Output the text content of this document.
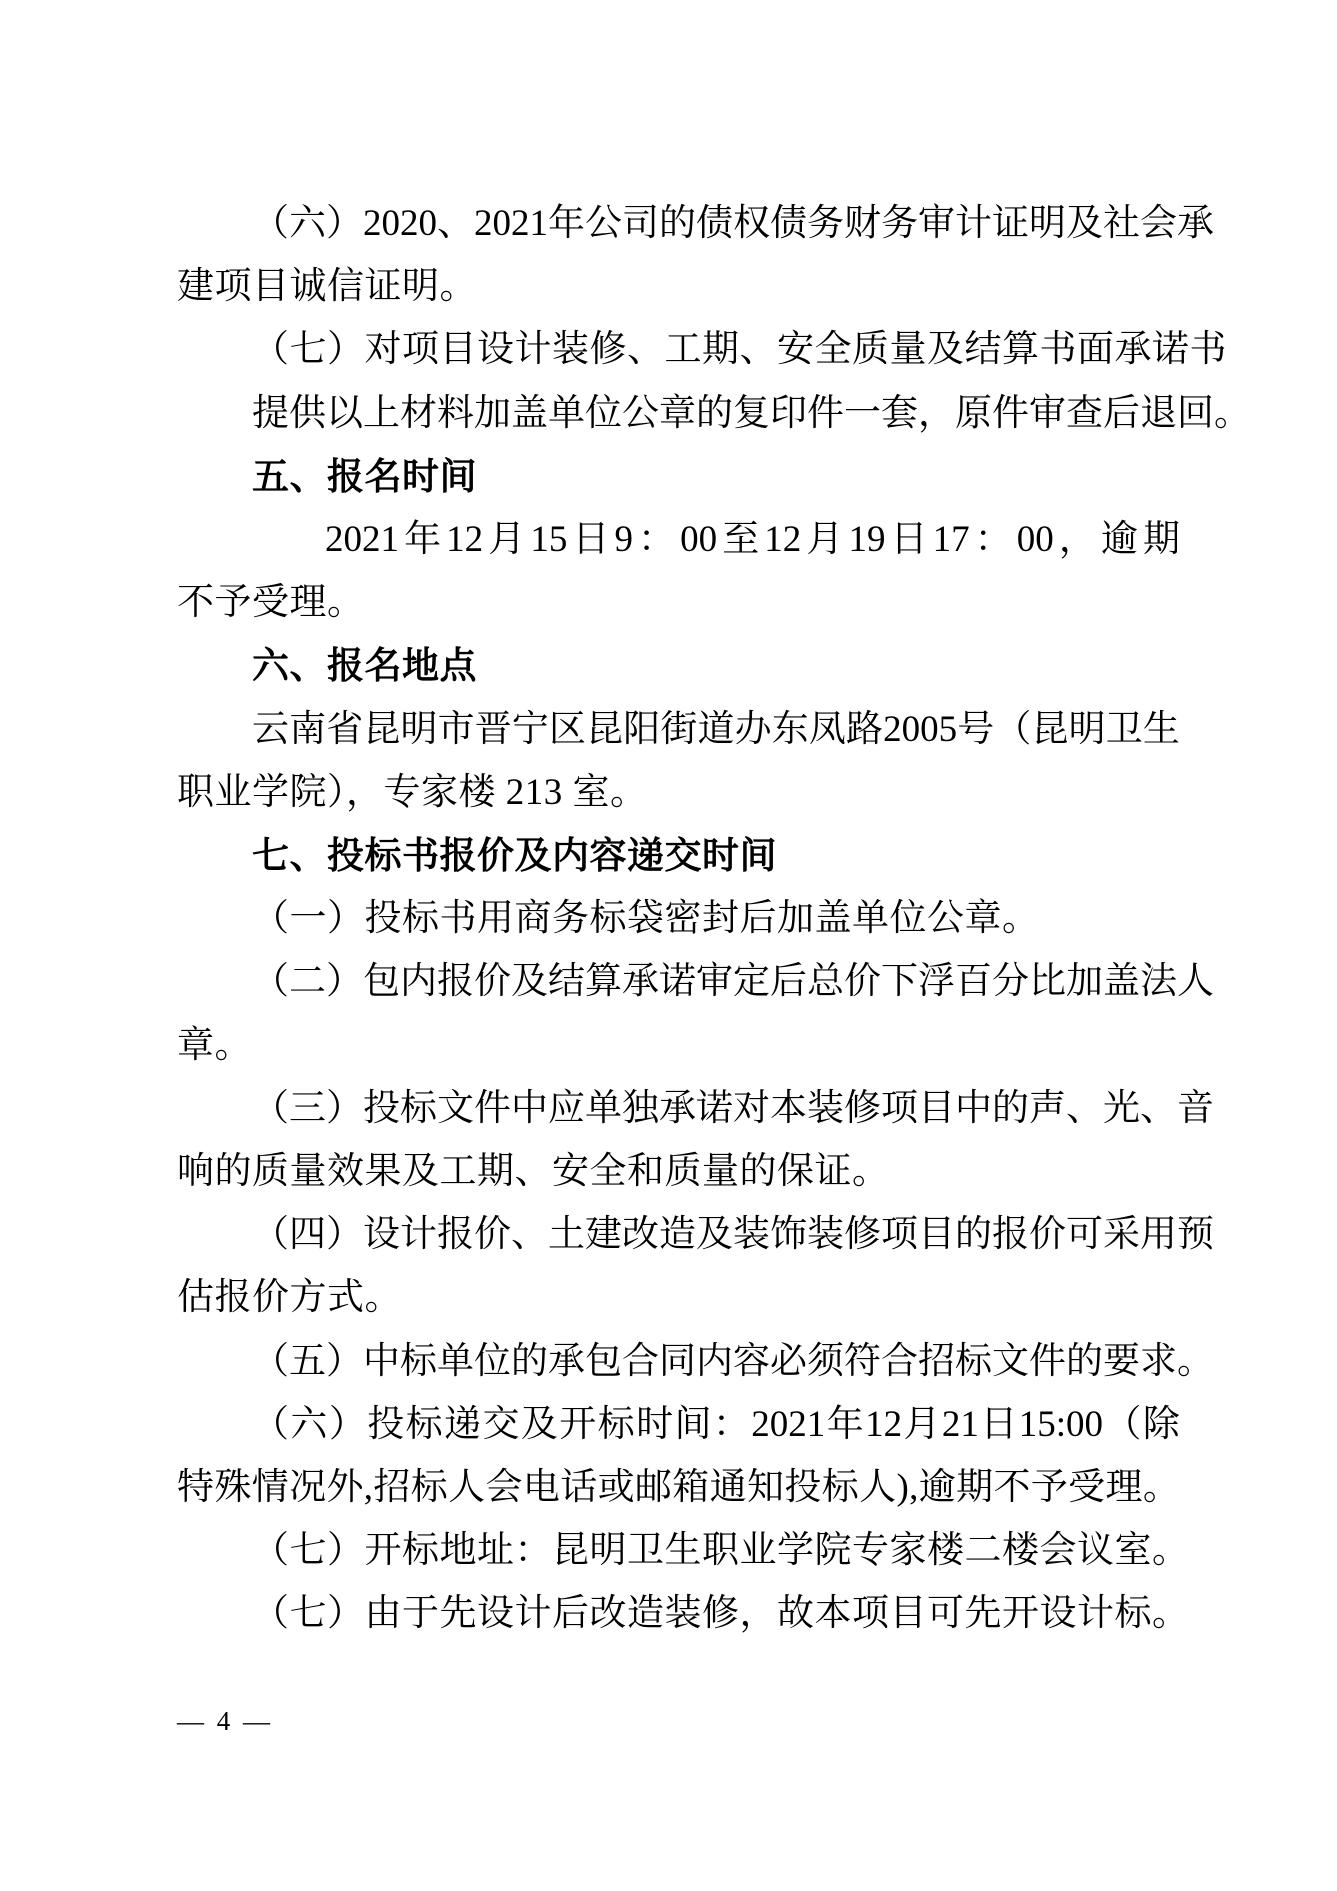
（ 六 ） 2020 、 2021 年 公 司 的 债 权 债 务 财 务 审 计 证 明 及 社 会 承
建项目诚信证明。
（七）对项目设计装修、工期、安全质量及结算书面承诺书
提 供 以 上 材 料 加 盖 单 位 公 章 的 复 印 件 一 套 ， 原 件 审 查 后 退 回 。
五、报名时间
2021 年 12 月 15 日 9 ： 00 至 12 月 19 日 17 ： 00 ， 逾 期
不予受理。
六、报名地点
云 南 省 昆 明 市 晋 宁 区 昆 阳 街 道 办 东 凤 路 2005 号 （ 昆 明 卫 生
职业学院），专家楼 213 室。
七、投标书报价及内容递交时间
（一）投标书用商务标袋密封后加盖单位公章。
（ 二 ） 包 内 报 价 及 结 算 承 诺 审 定 后 总 价 下 浮 百 分 比 加 盖 法 人
章。
（ 三 ） 投 标 文 件 中 应 单 独 承 诺 对 本 装 修 项 目 中 的 声 、 光 、 音
响的质量效果及工期、安全和质量的保证。
（ 四 ） 设 计 报 价 、 土 建 改 造 及 装 饰 装 修 项 目 的 报 价 可 采 用 预
估报价方式。
（ 五 ） 中 标 单 位 的 承 包 合 同 内 容 必 须 符 合 招 标 文 件 的 要 求 。
（ 六 ） 投 标 递 交 及 开 标 时 间 ： 2021 年 12 月 21 日 15:00 （ 除
特 殊 情 况 外 , 招 标 人 会 电 话 或 邮 箱 通 知 投 标 人 ) , 逾 期 不 予 受 理 。
（七）开标地址：昆明卫生职业学院专家楼二楼会议室。
（七）由于先设计后改造装修，故本项目可先开设计标。
— 4 —
